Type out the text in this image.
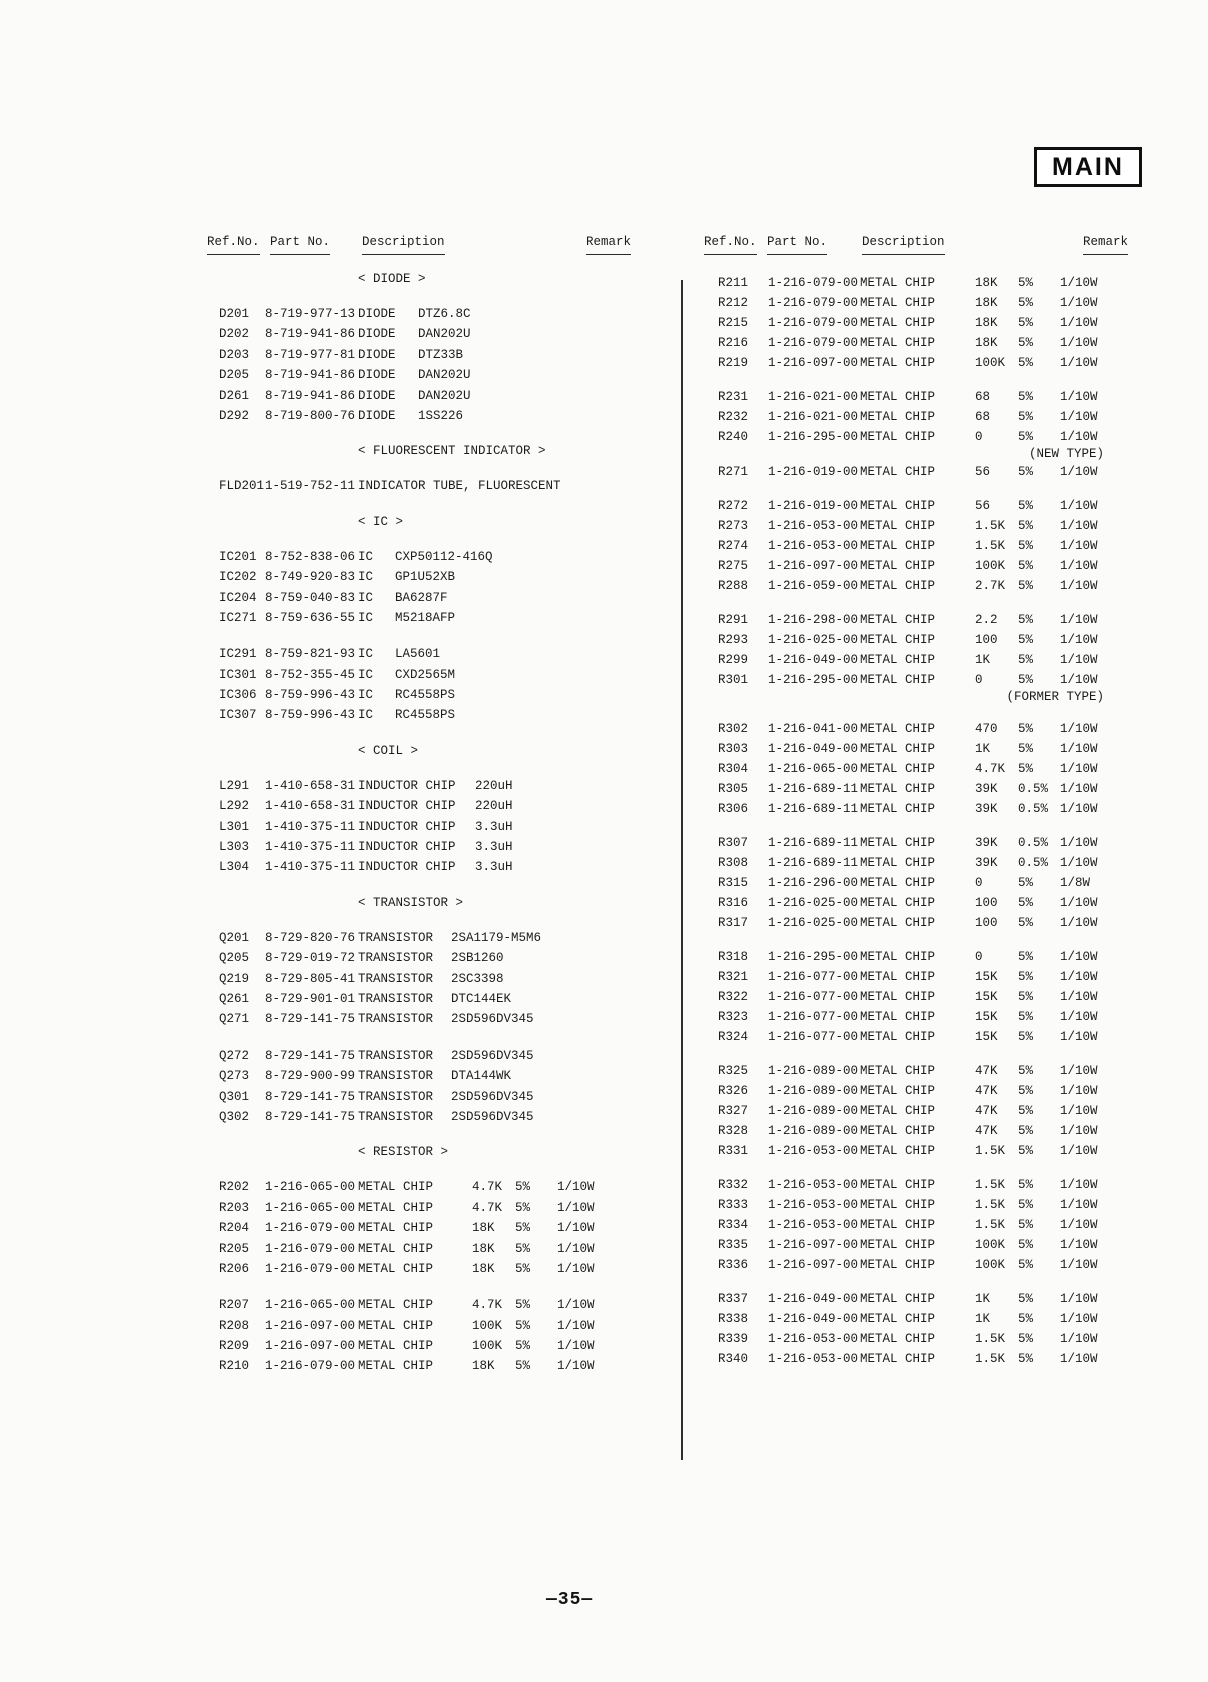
MAIN
Ref.No. Part No.	Description	Remark
< DIODE >
D201 8-719-977-13 DIODE DTZ6.8C
D202 8-719-941-86 DIODE DAN202U
D203 8-719-977-81 DIODE DTZ33B
D205 8-719-941-86 DIODE DAN202U
D261 8-719-941-86 DIODE DAN202U
D292 8-719-800-76 DIODE 1SS226
< FLUORESCENT INDICATOR >
FLD201 1-519-752-11 INDICATOR TUBE, FLUORESCENT
< IC >
IC201 8-752-838-06 IC CXP50112-416Q
IC202 8-749-920-83 IC GP1U52XB
IC204 8-759-040-83 IC BA6287F
IC271 8-759-636-55 IC M5218AFP
IC291 8-759-821-93 IC LA5601
IC301 8-752-355-45 IC CXD2565M
IC306 8-759-996-43 IC RC4558PS
IC307 8-759-996-43 IC RC4558PS
< COIL >
L291 1-410-658-31 INDUCTOR CHIP 220uH
L292 1-410-658-31 INDUCTOR CHIP 220uH
L301 1-410-375-11 INDUCTOR CHIP 3.3uH
L303 1-410-375-11 INDUCTOR CHIP 3.3uH
L304 1-410-375-11 INDUCTOR CHIP 3.3uH
< TRANSISTOR >
Q201 8-729-820-76 TRANSISTOR 2SA1179-M5M6
Q205 8-729-019-72 TRANSISTOR 2SB1260
Q219 8-729-805-41 TRANSISTOR 2SC3398
Q261 8-729-901-01 TRANSISTOR DTC144EK
Q271 8-729-141-75 TRANSISTOR 2SD596DV345
Q272 8-729-141-75 TRANSISTOR 2SD596DV345
Q273 8-729-900-99 TRANSISTOR DTA144WK
Q301 8-729-141-75 TRANSISTOR 2SD596DV345
Q302 8-729-141-75 TRANSISTOR 2SD596DV345
< RESISTOR >
R202 1-216-065-00 METAL CHIP	4.7K 5% 1/10W
R203 1-216-065-00 METAL CHIP	4.7K 5% 1/10W
R204 1-216-079-00 METAL CHIP	18K 5% 1/10W
R205 1-216-079-00 METAL CHIP	18K 5% 1/10W
R206 1-216-079-00 METAL CHIP	18K 5% 1/10W
R207 1-216-065-00 METAL CHIP	4.7K 5% 1/10W
R208 1-216-097-00 METAL CHIP	100K 5% 1/10W
R209 1-216-097-00 METAL CHIP	100K 5% 1/10W
R210 1-216-079-00 METAL CHIP	18K 5% 1/10W
Ref.No. Part No.	Description	Remark
R211 1-216-079-00 METAL CHIP	18K 5% 1/10W
R212 1-216-079-00 METAL CHIP	18K 5% 1/10W
R215 1-216-079-00 METAL CHIP	18K 5% 1/10W
R216 1-216-079-00 METAL CHIP	18K 5% 1/10W
R219 1-216-097-00 METAL CHIP	100K 5% 1/10W
R231 1-216-021-00 METAL CHIP	68 5% 1/10W
R232 1-216-021-00 METAL CHIP	68 5% 1/10W
R240 1-216-295-00 METAL CHIP	0	5% 1/10W
(NEW TYPE)
R271 1-216-019-00 METAL CHIP	56 5% 1/10W
R272 1-216-019-00 METAL CHIP	56 5% 1/10W
R273 1-216-053-00 METAL CHIP	1.5K 5% 1/10W
R274 1-216-053-00 METAL CHIP	1.5K 5% 1/10W
R275 1-216-097-00 METAL CHIP	100K 5% 1/10W
R288 1-216-059-00 METAL CHIP	2.7K 5% 1/10W
R291 1-216-298-00 METAL CHIP	2.2 5% 1/10W
R293 1-216-025-00 METAL CHIP	100 5% 1/10W
R299 1-216-049-00 METAL CHIP	1K 5% 1/10W
R301 1-216-295-00 METAL CHIP	0	5% 1/10W
(FORMER TYPE)
R302 1-216-041-00 METAL CHIP	470 5% 1/10W
R303 1-216-049-00 METAL CHIP	1K 5% 1/10W
R304 1-216-065-00 METAL CHIP	4.7K 5% 1/10W
R305 1-216-689-11 METAL CHIP	39K 0.5% 1/10W
R306 1-216-689-11 METAL CHIP	39K 0.5% 1/10W
R307 1-216-689-11 METAL CHIP	39K 0.5% 1/10W
R308 1-216-689-11 METAL CHIP	39K 0.5% 1/10W
R315 1-216-296-00 METAL CHIP	0	5% 1/8W
R316 1-216-025-00 METAL CHIP	100 5% 1/10W
R317 1-216-025-00 METAL CHIP	100 5% 1/10W
R318 1-216-295-00 METAL CHIP	0	5% 1/10W
R321 1-216-077-00 METAL CHIP	15K 5% 1/10W
R322 1-216-077-00 METAL CHIP	15K 5% 1/10W
R323 1-216-077-00 METAL CHIP	15K 5% 1/10W
R324 1-216-077-00 METAL CHIP	15K 5% 1/10W
R325 1-216-089-00 METAL CHIP	47K 5% 1/10W
R326 1-216-089-00 METAL CHIP	47K 5% 1/10W
R327 1-216-089-00 METAL CHIP	47K 5% 1/10W
R328 1-216-089-00 METAL CHIP	47K 5% 1/10W
R331 1-216-053-00 METAL CHIP	1.5K 5% 1/10W
R332 1-216-053-00 METAL CHIP	1.5K 5% 1/10W
R333 1-216-053-00 METAL CHIP	1.5K 5% 1/10W
R334 1-216-053-00 METAL CHIP	1.5K 5% 1/10W
R335 1-216-097-00 METAL CHIP	100K 5% 1/10W
R336 1-216-097-00 METAL CHIP	100K 5% 1/10W
R337 1-216-049-00 METAL CHIP	1K 5% 1/10W
R338 1-216-049-00 METAL CHIP	1K 5% 1/10W
R339 1-216-053-00 METAL CHIP	1.5K 5% 1/10W
R340 1-216-053-00 METAL CHIP	1.5K 5% 1/10W
—35—
